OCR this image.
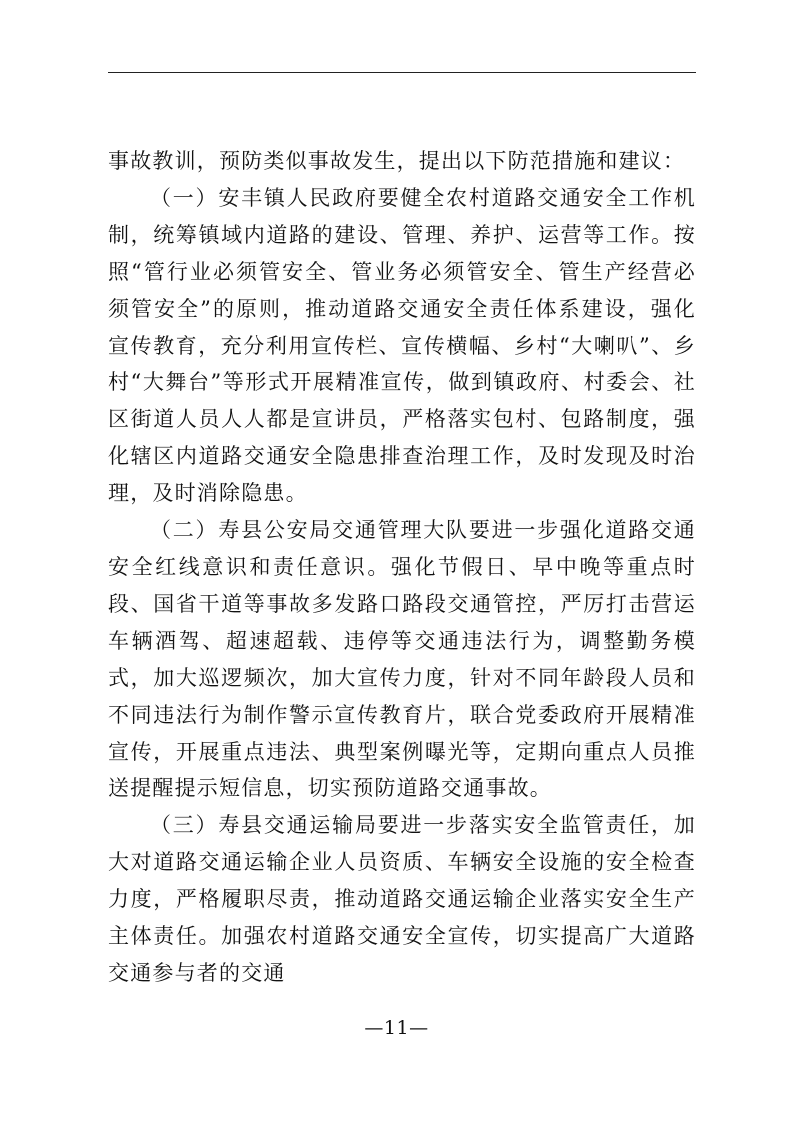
事故教训，预防类似事故发生，提出以下防范措施和建议：

（一）安丰镇人民政府要健全农村道路交通安全工作机制，统筹镇域内道路的建设、管理、养护、运营等工作。按照“管行业必须管安全、管业务必须管安全、管生产经营必须管安全”的原则，推动道路交通安全责任体系建设，强化宣传教育，充分利用宣传栏、宣传横幅、乡村“大喇叭”、乡村“大舞台”等形式开展精准宣传，做到镇政府、村委会、社区街道人员人人都是宣讲员，严格落实包村、包路制度，强化辖区内道路交通安全隐患排查治理工作，及时发现及时治理，及时消除隐患。

（二）寿县公安局交通管理大队要进一步强化道路交通安全红线意识和责任意识。强化节假日、早中晚等重点时段、国省干道等事故多发路口路段交通管控，严厉打击营运车辆酒驾、超速超载、违停等交通违法行为，调整勤务模式，加大巡逻频次，加大宣传力度，针对不同年龄段人员和不同违法行为制作警示宣传教育片，联合党委政府开展精准宣传，开展重点违法、典型案例曝光等，定期向重点人员推送提醒提示短信息，切实预防道路交通事故。

（三）寿县交通运输局要进一步落实安全监管责任，加大对道路交通运输企业人员资质、车辆安全设施的安全检查力度，严格履职尽责，推动道路交通运输企业落实安全生产主体责任。加强农村道路交通安全宣传，切实提高广大道路交通参与者的交通

—11—
